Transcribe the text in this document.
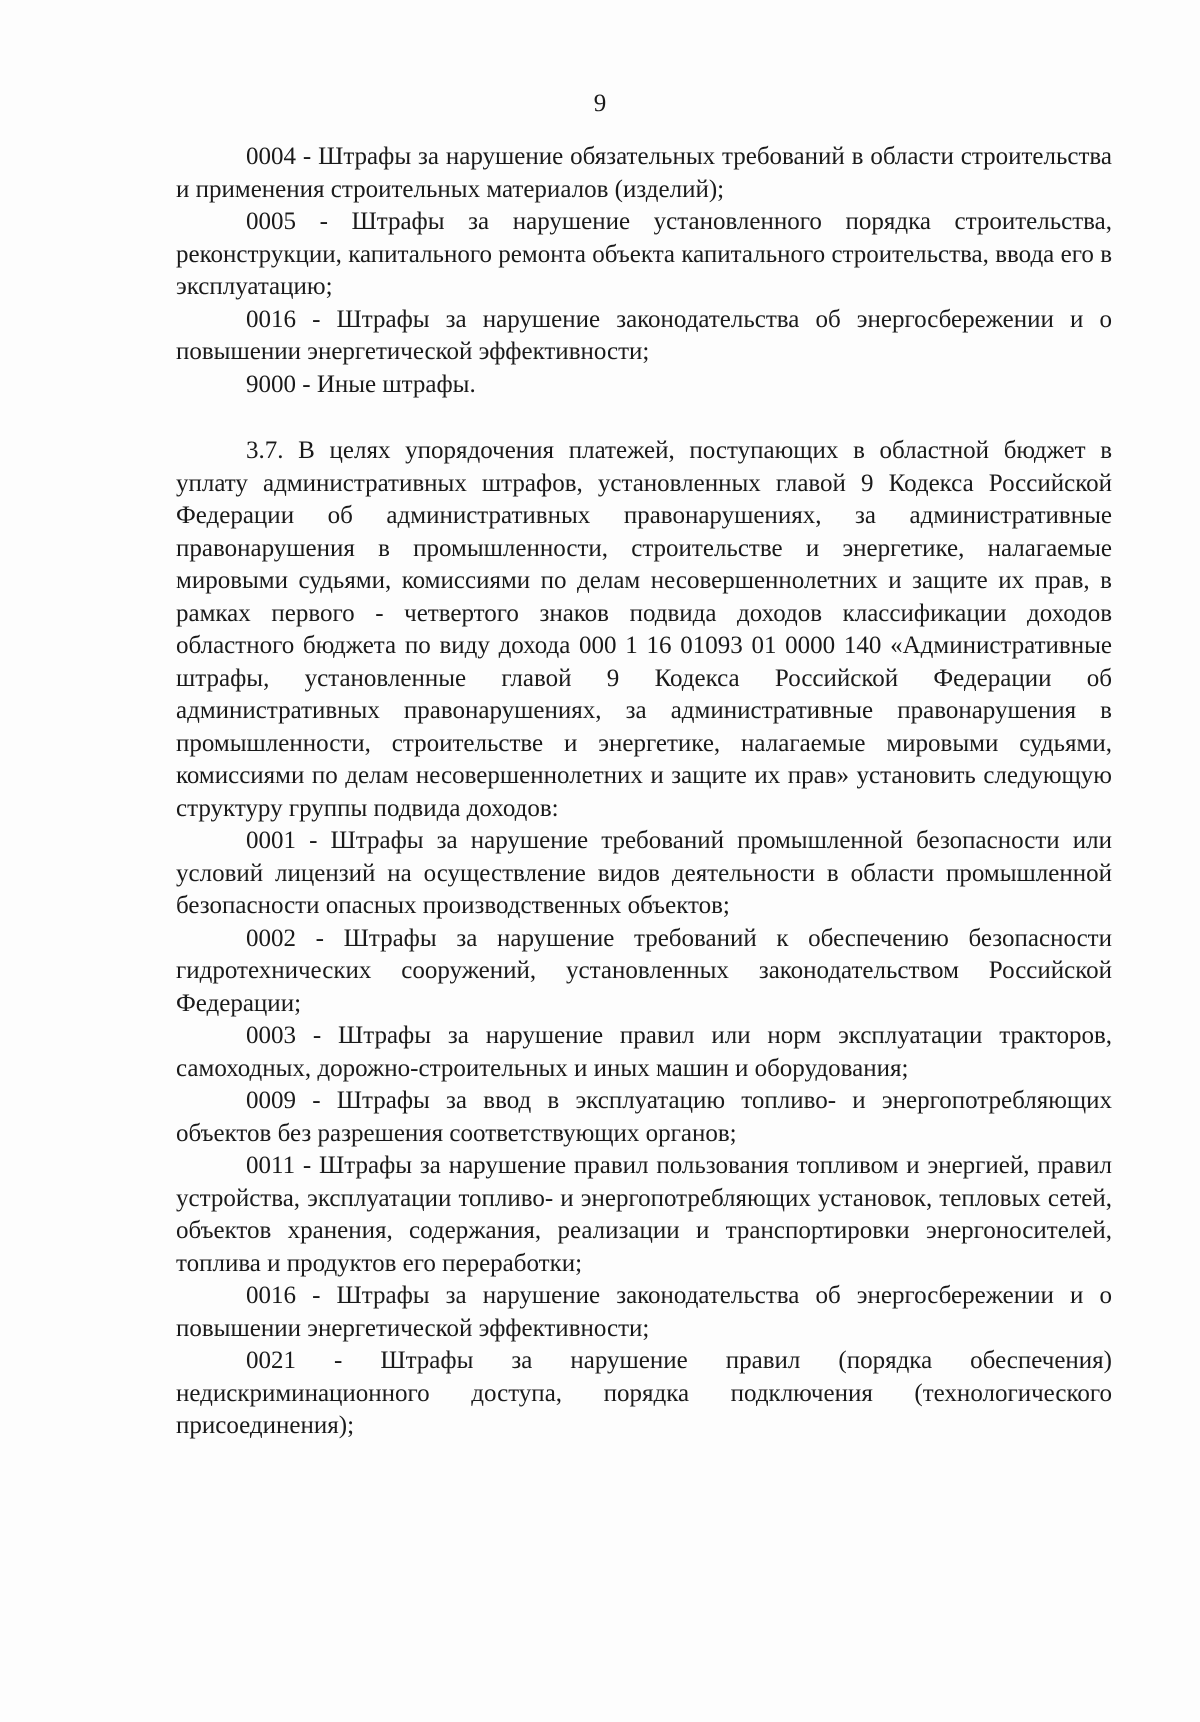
9

0004 - Штрафы за нарушение обязательных требований в области строительства и применения строительных материалов (изделий);

0005 - Штрафы за нарушение установленного порядка строительства, реконструкции, капитального ремонта объекта капитального строительства, ввода его в эксплуатацию;

0016 - Штрафы за нарушение законодательства об энергосбережении и о повышении энергетической эффективности;

9000 - Иные штрафы.

3.7. В целях упорядочения платежей, поступающих в областной бюджет в уплату административных штрафов, установленных главой 9 Кодекса Российской Федерации об административных правонарушениях, за административные правонарушения в промышленности, строительстве и энергетике, налагаемые мировыми судьями, комиссиями по делам несовершеннолетних и защите их прав, в рамках первого - четвертого знаков подвида доходов классификации доходов областного бюджета по виду дохода 000 1 16 01093 01 0000 140 «Административные штрафы, установленные главой 9 Кодекса Российской Федерации об административных правонарушениях, за административные правонарушения в промышленности, строительстве и энергетике, налагаемые мировыми судьями, комиссиями по делам несовершеннолетних и защите их прав» установить следующую структуру группы подвида доходов:

0001 - Штрафы за нарушение требований промышленной безопасности или условий лицензий на осуществление видов деятельности в области промышленной безопасности опасных производственных объектов;

0002 - Штрафы за нарушение требований к обеспечению безопасности гидротехнических сооружений, установленных законодательством Российской Федерации;

0003 - Штрафы за нарушение правил или норм эксплуатации тракторов, самоходных, дорожно-строительных и иных машин и оборудования;

0009 - Штрафы за ввод в эксплуатацию топливо- и энергопотребляющих объектов без разрешения соответствующих органов;

0011 - Штрафы за нарушение правил пользования топливом и энергией, правил устройства, эксплуатации топливо- и энергопотребляющих установок, тепловых сетей, объектов хранения, содержания, реализации и транспортировки энергоносителей, топлива и продуктов его переработки;

0016 - Штрафы за нарушение законодательства об энергосбережении и о повышении энергетической эффективности;

0021 - Штрафы за нарушение правил (порядка обеспечения) недискриминационного доступа, порядка подключения (технологического присоединения);
